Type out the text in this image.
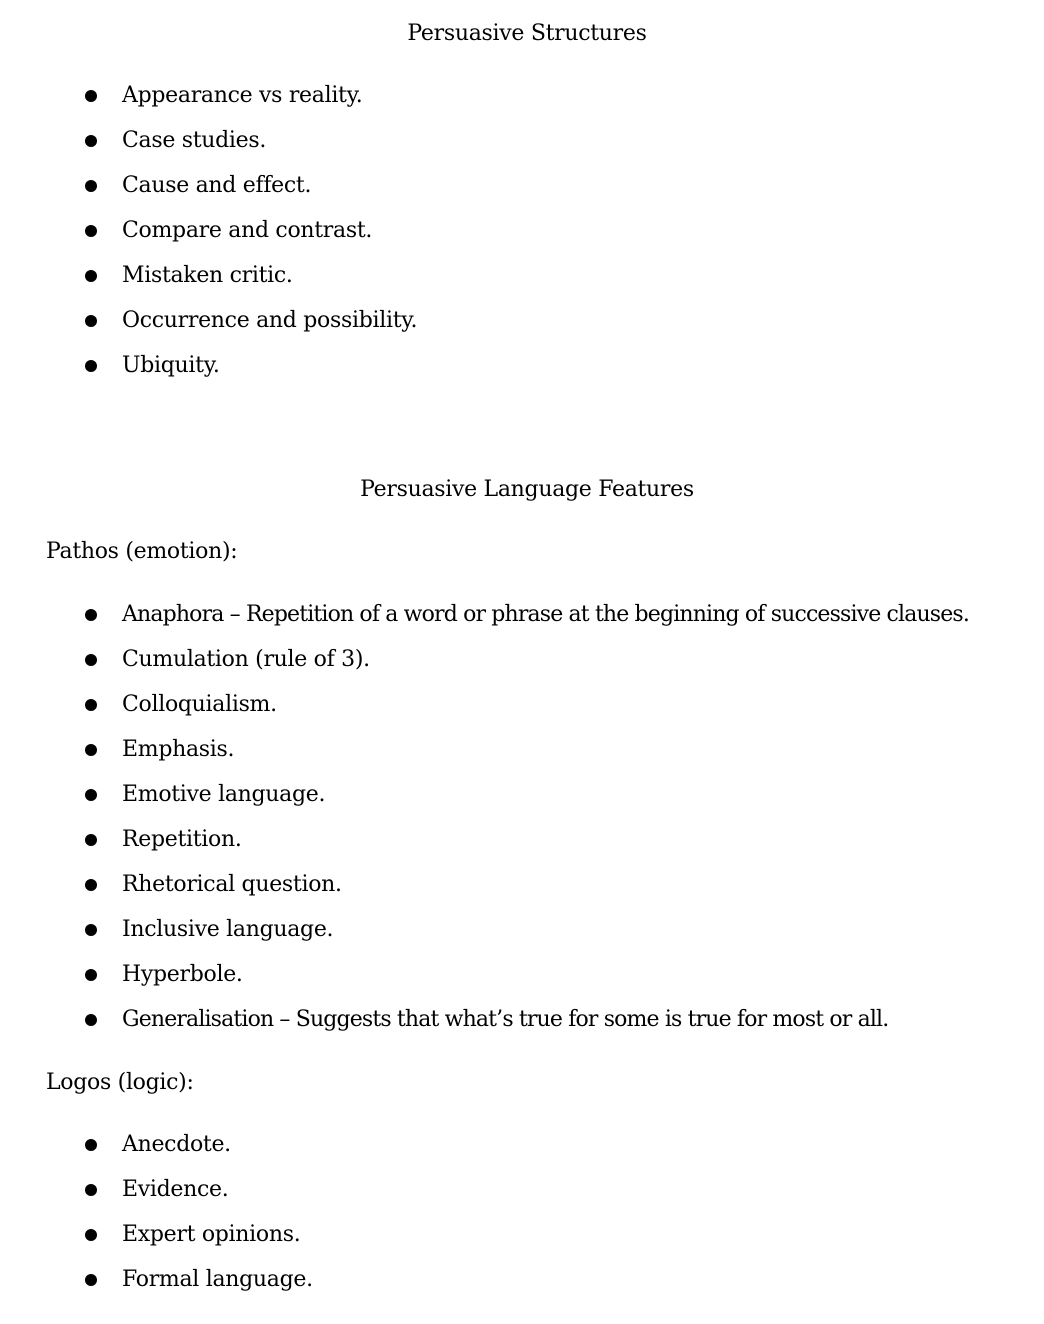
Persuasive Structures
Appearance vs reality.
Case studies.
Cause and effect.
Compare and contrast.
Mistaken critic.
Occurrence and possibility.
Ubiquity.
Persuasive Language Features
Pathos (emotion):
Anaphora – Repetition of a word or phrase at the beginning of successive clauses.
Cumulation (rule of 3).
Colloquialism.
Emphasis.
Emotive language.
Repetition.
Rhetorical question.
Inclusive language.
Hyperbole.
Generalisation – Suggests that what’s true for some is true for most or all.
Logos (logic):
Anecdote.
Evidence.
Expert opinions.
Formal language.
